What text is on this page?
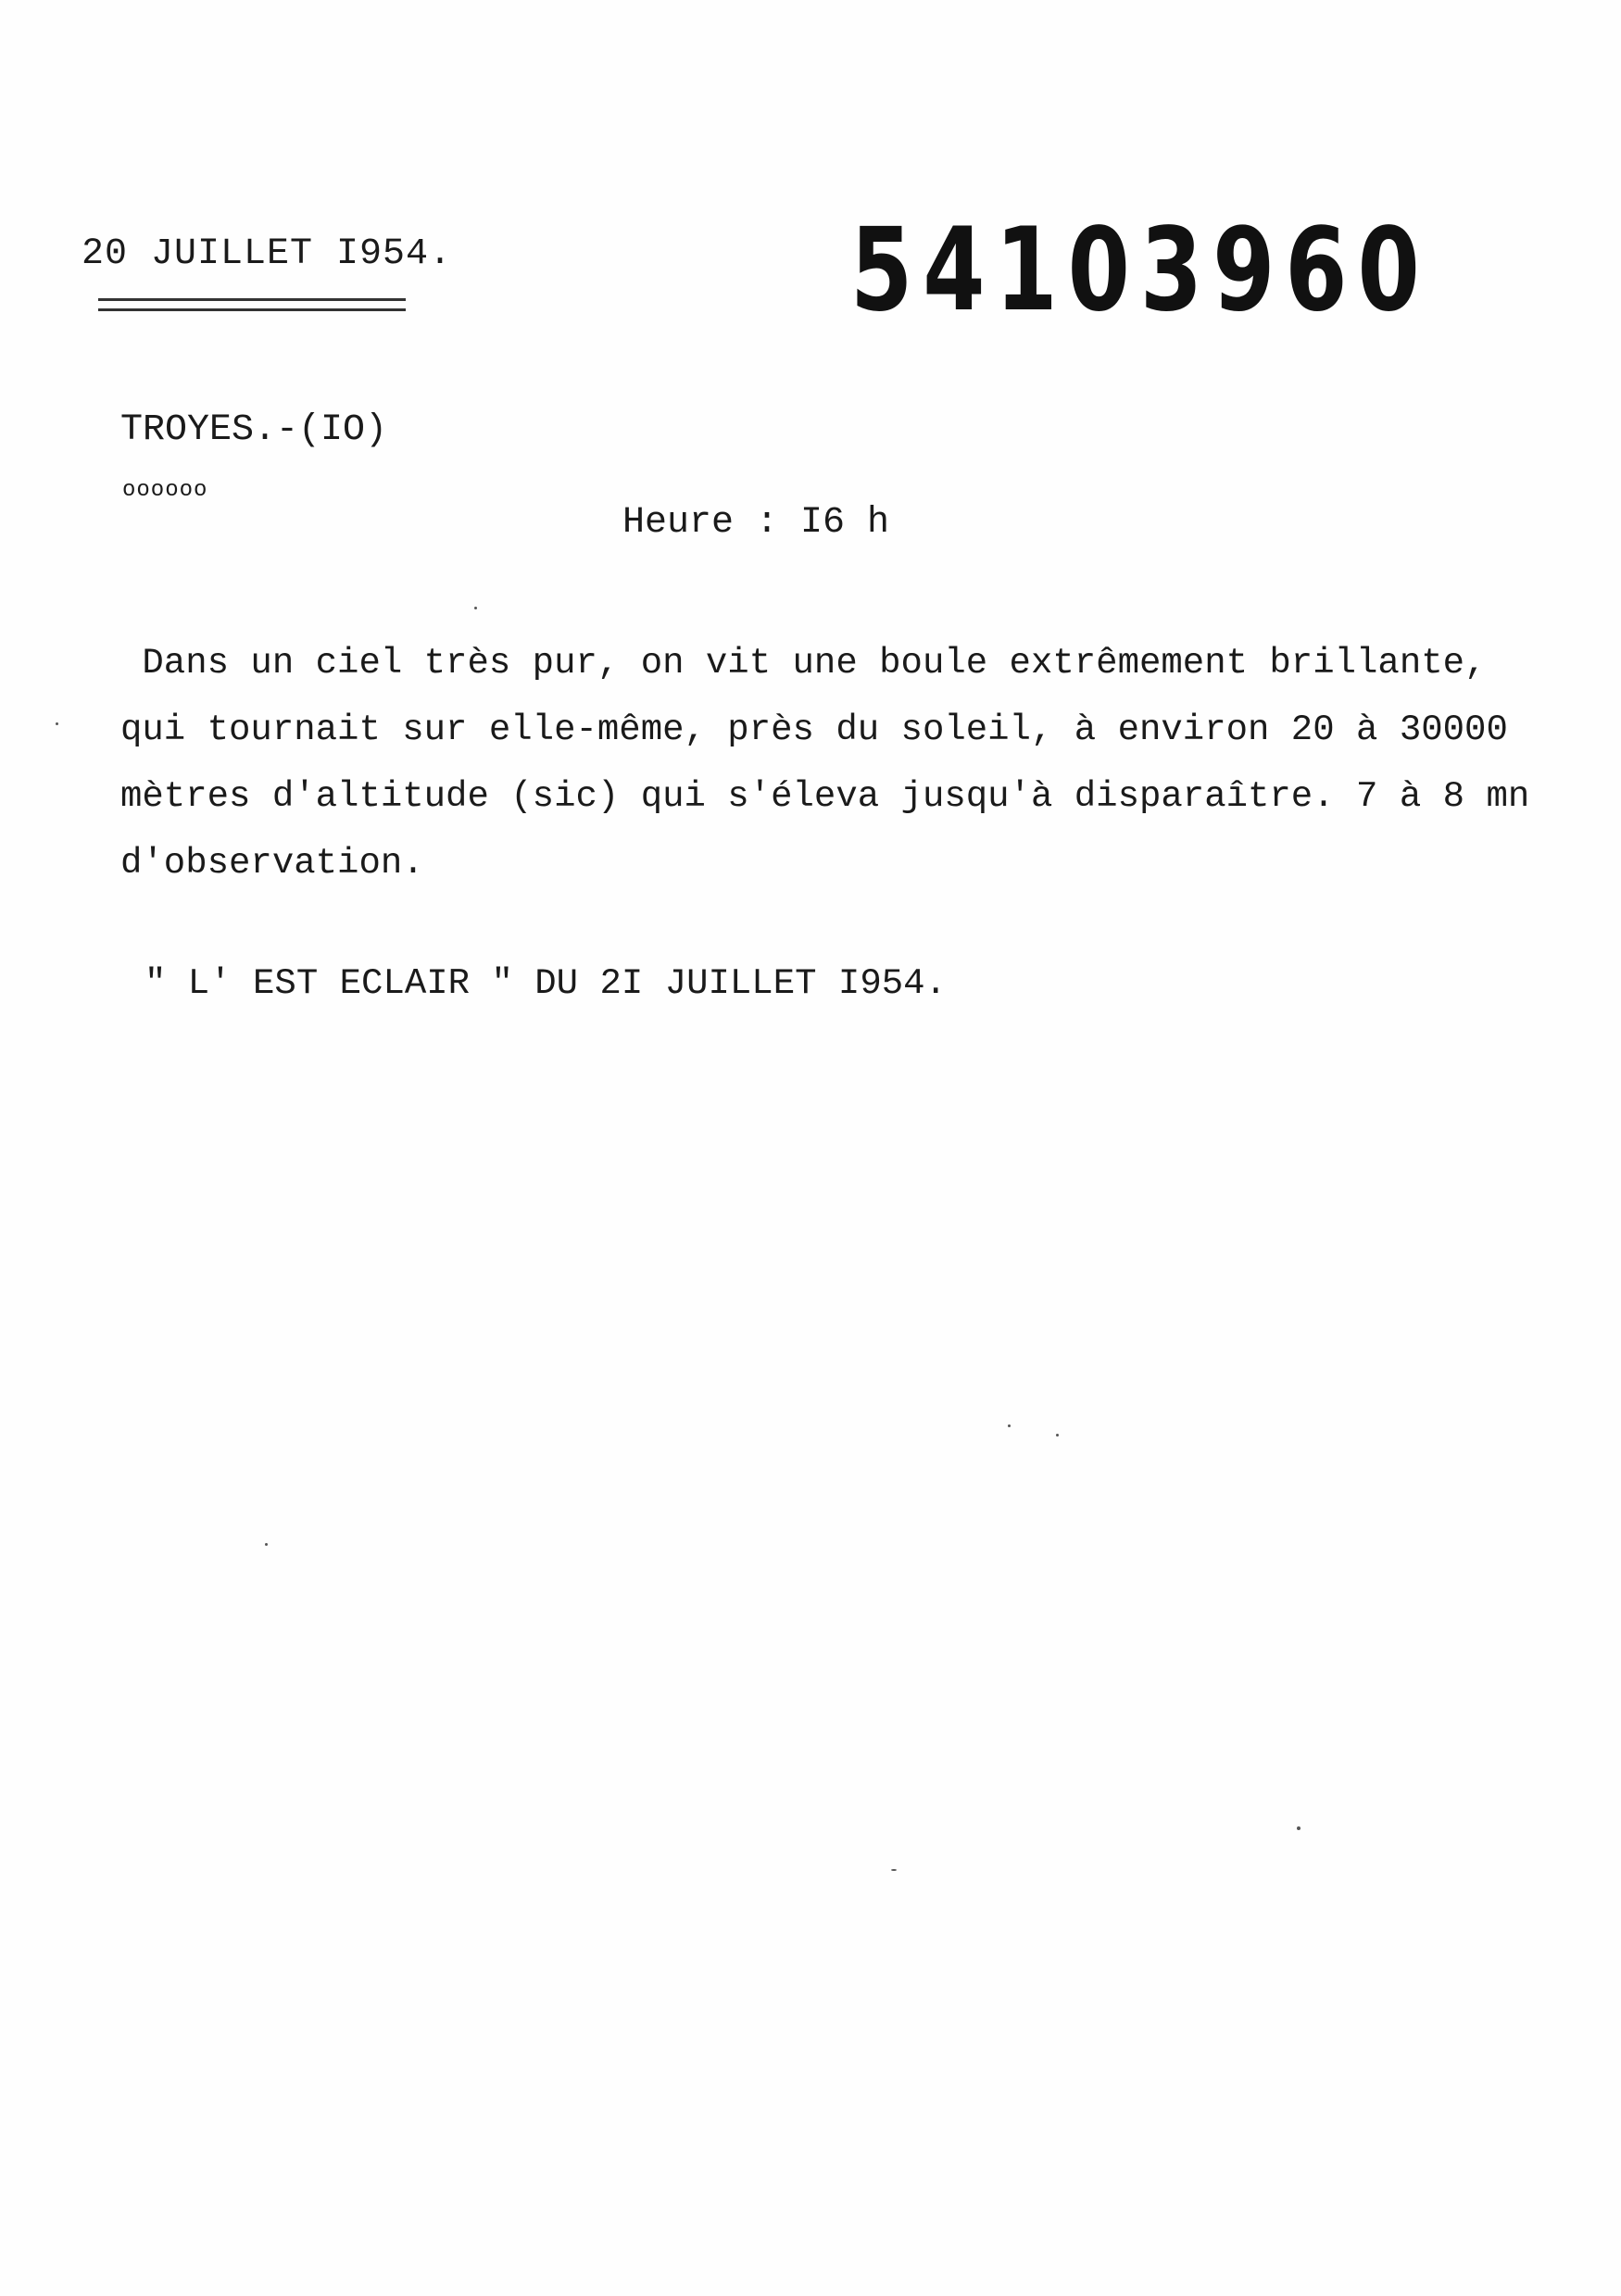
20 JUILLET I954.	54103960
TROYES.-(IO)
oooooo
Heure : I6 h
Dans un ciel très pur, on vit une boule extrêmement brillante,
qui tournait sur elle-même, près du soleil, à environ 20 à 30000
mètres d'altitude (sic) qui s'éleva jusqu'à disparaître. 7 à 8 mn
d'observation.
" L' EST ECLAIR " DU 2I JUILLET I954.
